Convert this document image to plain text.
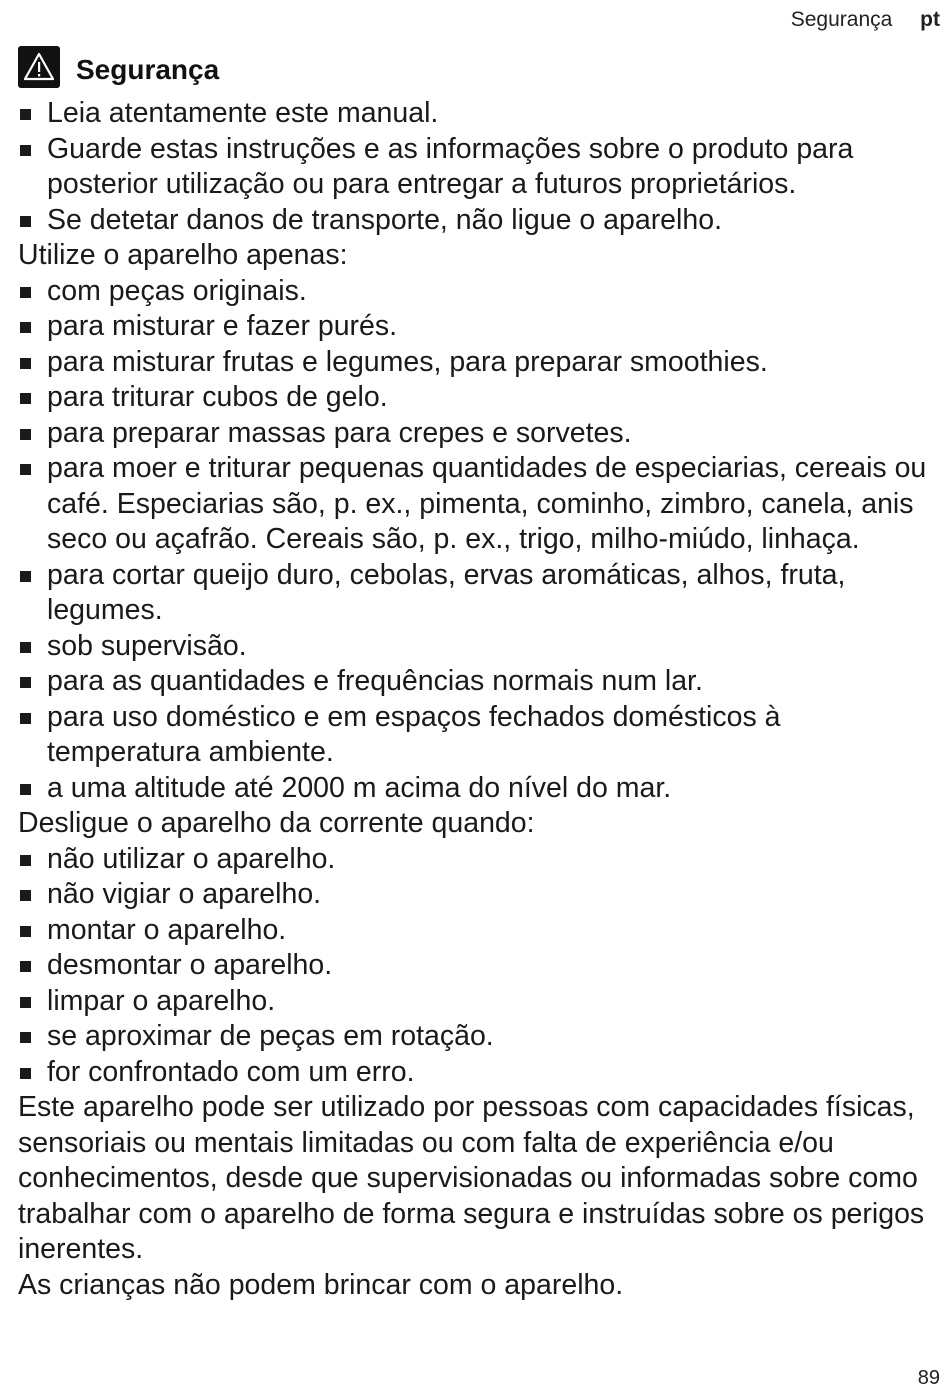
Segurança pt
Segurança
Leia atentamente este manual.
Guarde estas instruções e as informações sobre o produto para posterior utilização ou para entregar a futuros proprietários.
Se detetar danos de transporte, não ligue o aparelho.

Utilize o aparelho apenas:

com peças originais.
para misturar e fazer purés.
para misturar frutas e legumes, para preparar smoothies.
para triturar cubos de gelo.
para preparar massas para crepes e sorvetes.
para moer e triturar pequenas quantidades de especiarias, cereais ou café. Especiarias são, p. ex., pimenta, cominho, zimbro, canela, anis seco ou açafrão. Cereais são, p. ex., trigo, milho-miúdo, linhaça.
para cortar queijo duro, cebolas, ervas aromáticas, alhos, fruta, legumes.
sob supervisão.
para as quantidades e frequências normais num lar.
para uso doméstico e em espaços fechados domésticos à temperatura ambiente.
a uma altitude até 2000 m acima do nível do mar.

Desligue o aparelho da corrente quando:

não utilizar o aparelho.
não vigiar o aparelho.
montar o aparelho.
desmontar o aparelho.
limpar o aparelho.
se aproximar de peças em rotação.
for confrontado com um erro.

Este aparelho pode ser utilizado por pessoas com capacidades físicas, sensoriais ou mentais limitadas ou com falta de experiência e/ou conhecimentos, desde que supervisionadas ou informadas sobre como trabalhar com o aparelho de forma segura e instruídas sobre os perigos inerentes.

As crianças não podem brincar com o aparelho.

89
